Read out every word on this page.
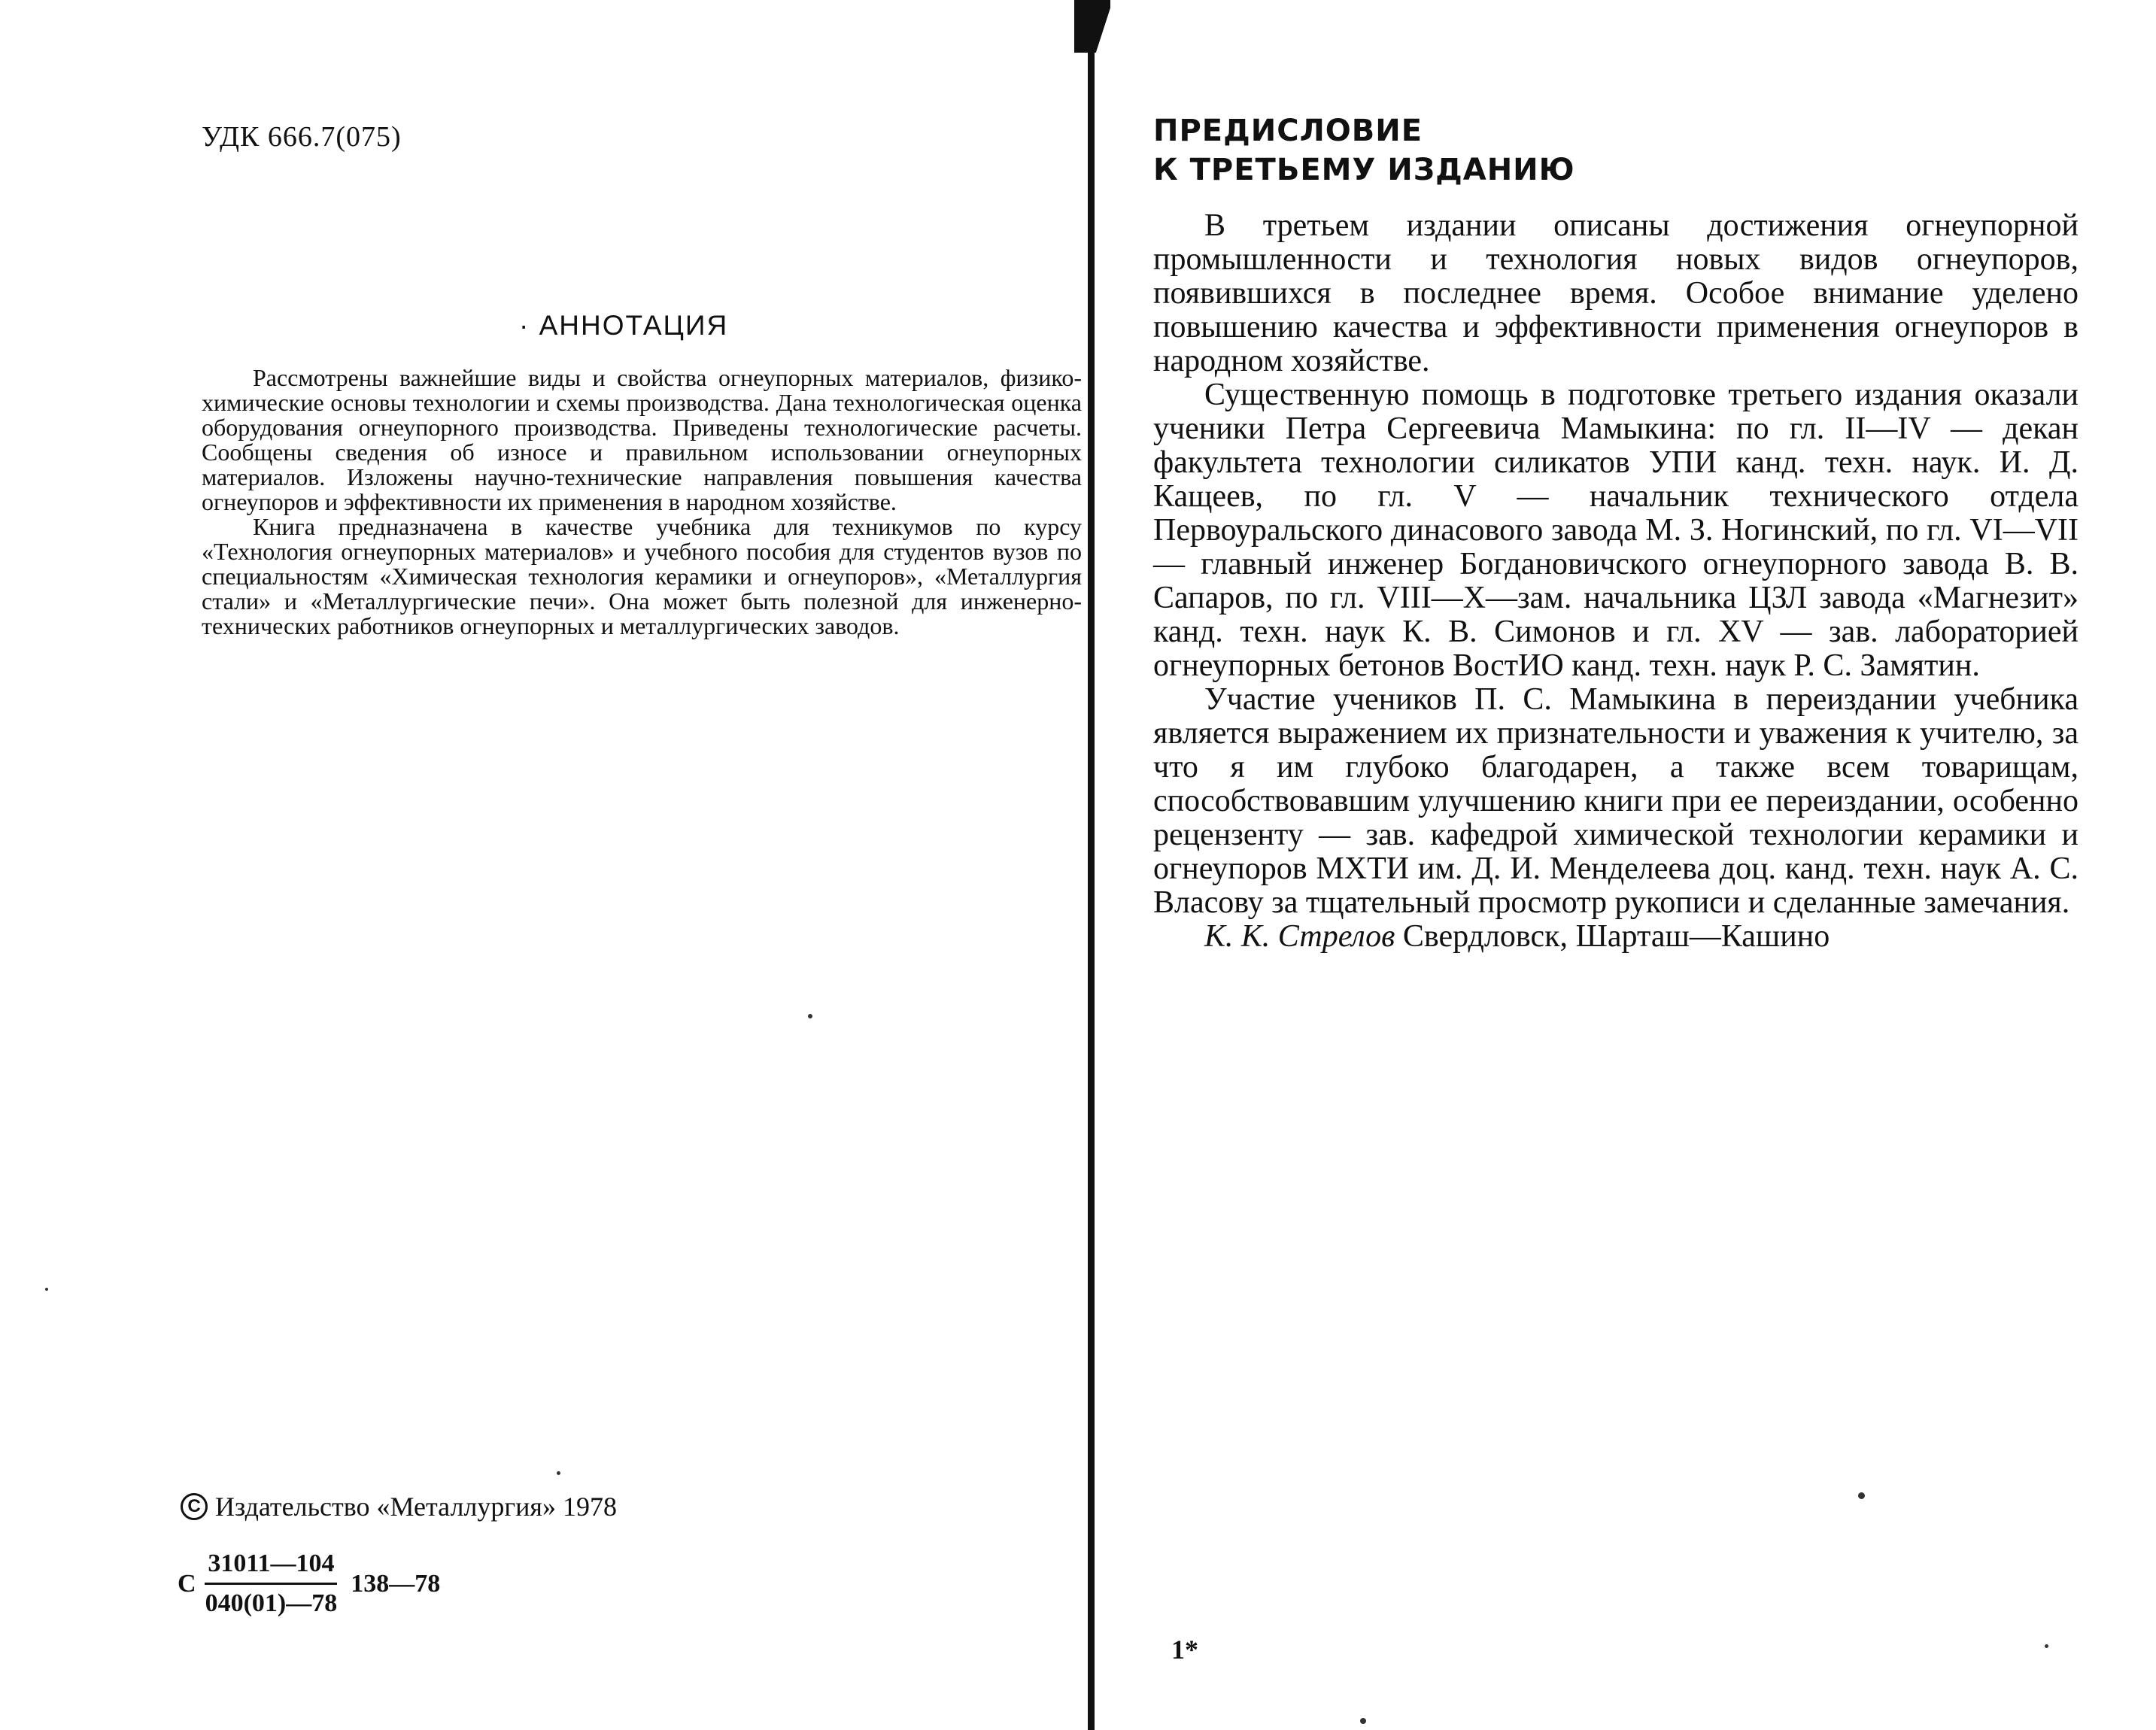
УДК 666.7(075)
· АННОТАЦИЯ

Рассмотрены важнейшие виды и свойства огнеупорных материалов, физико-химические основы технологии и схемы производства. Дана технологическая оценка оборудования огнеупорного производства. Приведены технологические расчеты. Сообщены сведения об износе и правильном использовании огнеупорных материалов. Изложены научно-технические направления повышения качества огнеупоров и эффективности их применения в народном хозяйстве.

Книга предназначена в качестве учебника для техникумов по курсу «Технология огнеупорных материалов» и учебного пособия для студентов вузов по специальностям «Химическая технология керамики и огнеупоров», «Металлургия стали» и «Металлургические печи». Она может быть полезной для инженерно-технических работников огнеупорных и металлургических заводов.

C Издательство «Металлургия» 1978
С $\frac{31011—104}{040(01)—78}$ 138—78
ПРЕДИСЛОВИЕ
К ТРЕТЬЕМУ ИЗДАНИЮ

В третьем издании описаны достижения огнеупорной промышленности и технология новых видов огнеупоров, появившихся в последнее время. Особое внимание уделено повышению качества и эффективности применения огнеупоров в народном хозяйстве.

Существенную помощь в подготовке третьего издания оказали ученики Петра Сергеевича Мамыкина: по гл. II—IV — декан факультета технологии силикатов УПИ канд. техн. наук. И. Д. Кащеев, по гл. V — начальник технического отдела Первоуральского динасового завода М. З. Ногинский, по гл. VI—VII — главный инженер Богдановичского огнеупорного завода В. В. Сапаров, по гл. VIII—X—зам. начальника ЦЗЛ завода «Магнезит» канд. техн. наук К. В. Симонов и гл. XV — зав. лабораторией огнеупорных бетонов ВостИО канд. техн. наук Р. С. Замятин.

Участие учеников П. С. Мамыкина в переиздании учебника является выражением их признательности и уважения к учителю, за что я им глубоко благодарен, а также всем товарищам, способствовавшим улучшению книги при ее переиздании, особенно рецензенту — зав. кафедрой химической технологии керамики и огнеупоров МХТИ им. Д. И. Менделеева доц. канд. техн. наук А. С. Власову за тщательный просмотр рукописи и сделанные замечания.

К. К. Стрелов Свердловск, Шарташ—Кашино

1*
